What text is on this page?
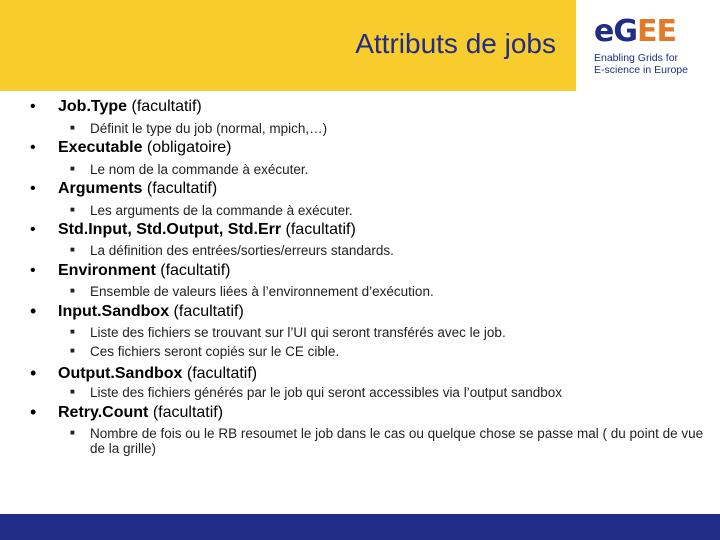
Attributs de jobs eGEE
Enabling Grids for
E-science in Europe
• Job.Type (facultatif)
■ Définit le type du job (normal, mpich,…)
• Executable (obligatoire)
■ Le nom de la commande à exécuter.
• Arguments (facultatif)
■ Les arguments de la commande à exécuter.
• Std.Input, Std.Output, Std.Err (facultatif)
■ La définition des entrées/sorties/erreurs standards.
• Environment (facultatif)
■ Ensemble de valeurs liées à l’environnement d’exécution.
• Input.Sandbox (facultatif)
■ Liste des fichiers se trouvant sur l’UI qui seront transférés avec le job.
■ Ces fichiers seront copiés sur le CE cible.
• Output.Sandbox (facultatif)
■ Liste des fichiers générés par le job qui seront accessibles via l’output sandbox
• Retry.Count (facultatif)
■ Nombre de fois ou le RB resoumet le job dans le cas ou quelque chose se passe mal ( du point de vue de la grille)
